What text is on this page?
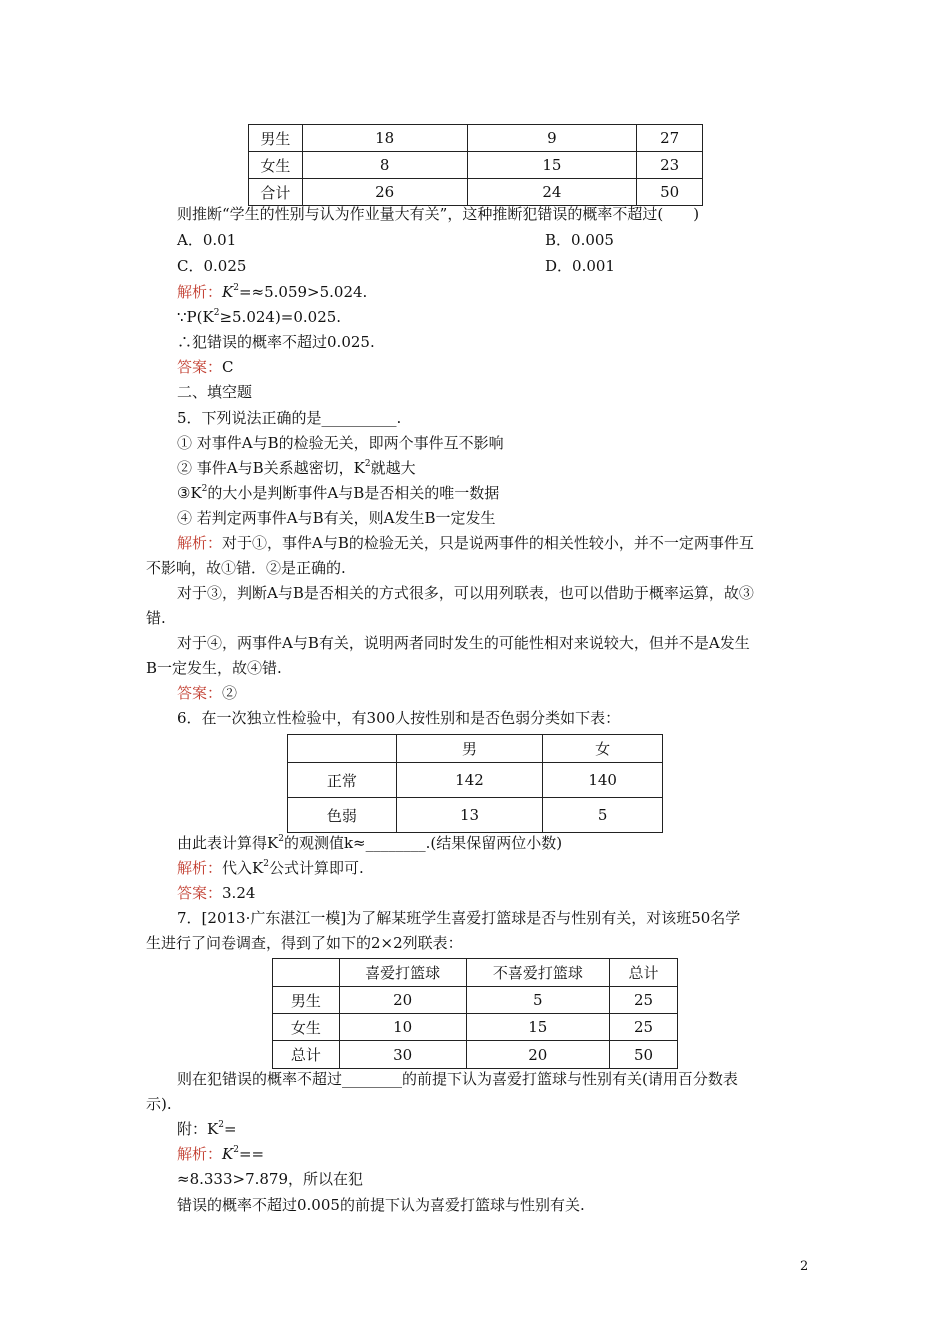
男生	18	9	27
女生	8	15	23
合计	26	24	50
则推断“学生的性别与认为作业量大有关”，这种推断犯错误的概率不超过(　　)
A．0.01	B．0.005
C．0.025	D．0.001
解析：$K^2=\approx 5.059>5.024$.
$\because P(K^2\ge 5.024)=0.025$.
∴犯错误的概率不超过0.025.
答案：C
二、填空题
5．下列说法正确的是__________.
① 对事件A与B的检验无关，即两个事件互不影响
② 事件A与B关系越密切，$K^2$就越大
$③K^2$的大小是判断事件A与B是否相关的唯一数据
④ 若判定两事件A与B有关，则A发生B一定发生
解析：对于①，事件A与B的检验无关，只是说两事件的相关性较小，并不一定两事件互
不影响，故①错．②是正确的.
对于③，判断A与B是否相关的方式很多，可以用列联表，也可以借助于概率运算，故③
错.
对于④，两事件A与B有关，说明两者同时发生的可能性相对来说较大，但并不是A发生
B一定发生，故④错.
答案：②
6．在一次独立性检验中，有300人按性别和是否色弱分类如下表：
	男	女
正常	142	140
色弱	13	5
由此表计算得$K^2$的观测值k≈________.(结果保留两位小数)
解析：代入$K^2$公式计算即可.
答案：3.24
7．[2013·广东湛江一模]为了解某班学生喜爱打篮球是否与性别有关，对该班50名学
生进行了问卷调查，得到了如下的2×2列联表：
	喜爱打篮球	不喜爱打篮球	总计
男生	20	5	25
女生	10	15	25
总计	30	20	50
则在犯错误的概率不超过________的前提下认为喜爱打篮球与性别有关(请用百分数表
示).
附：$K^2=$
解析：$K^2==$
≈8.333>7.879，所以在犯
错误的概率不超过0.005的前提下认为喜爱打篮球与性别有关.
2
